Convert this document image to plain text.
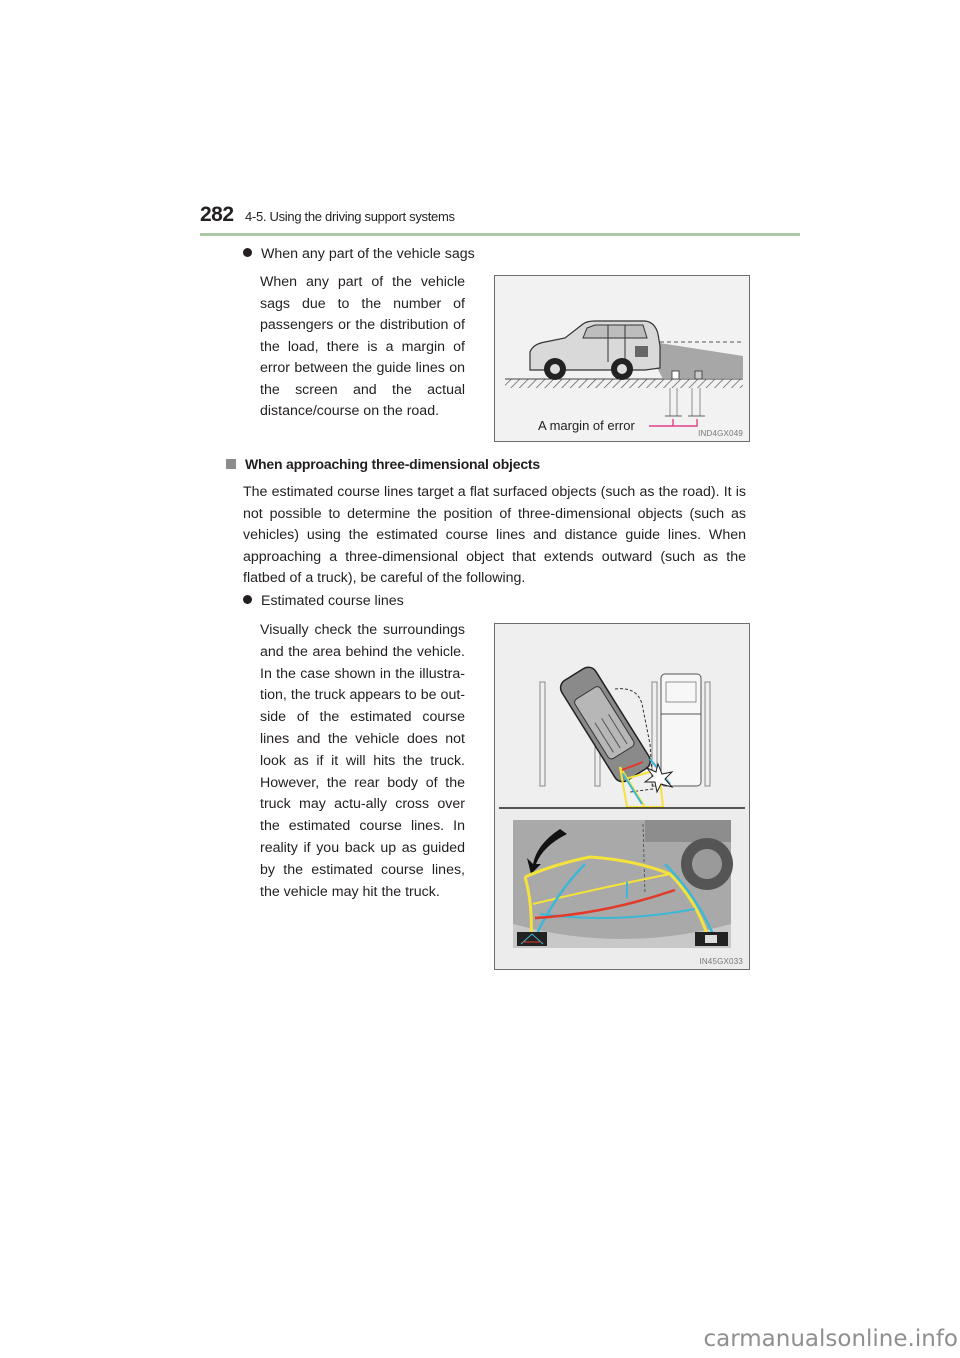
282 4-5. Using the driving support systems
When any part of the vehicle sags
When any part of the vehicle sags due to the number of passengers or the distribution of the load, there is a margin of error between the guide lines on the screen and the actual distance/course on the road.
A margin of error
IND4GX049
When approaching three-dimensional objects
The estimated course lines target a flat surfaced objects (such as the road). It is not possible to determine the position of three-dimensional objects (such as vehicles) using the estimated course lines and distance guide lines. When approaching a three-dimensional object that extends outward (such as the flatbed of a truck), be careful of the following.
Estimated course lines
Visually check the surroundings and the area behind the vehicle. In the case shown in the illustra-tion, the truck appears to be out-side of the estimated course lines and the vehicle does not look as if it will hits the truck. However, the rear body of the truck may actu-ally cross over the estimated course lines. In reality if you back up as guided by the estimated course lines, the vehicle may hit the truck.
IN45GX033
carmanualsonline.info
